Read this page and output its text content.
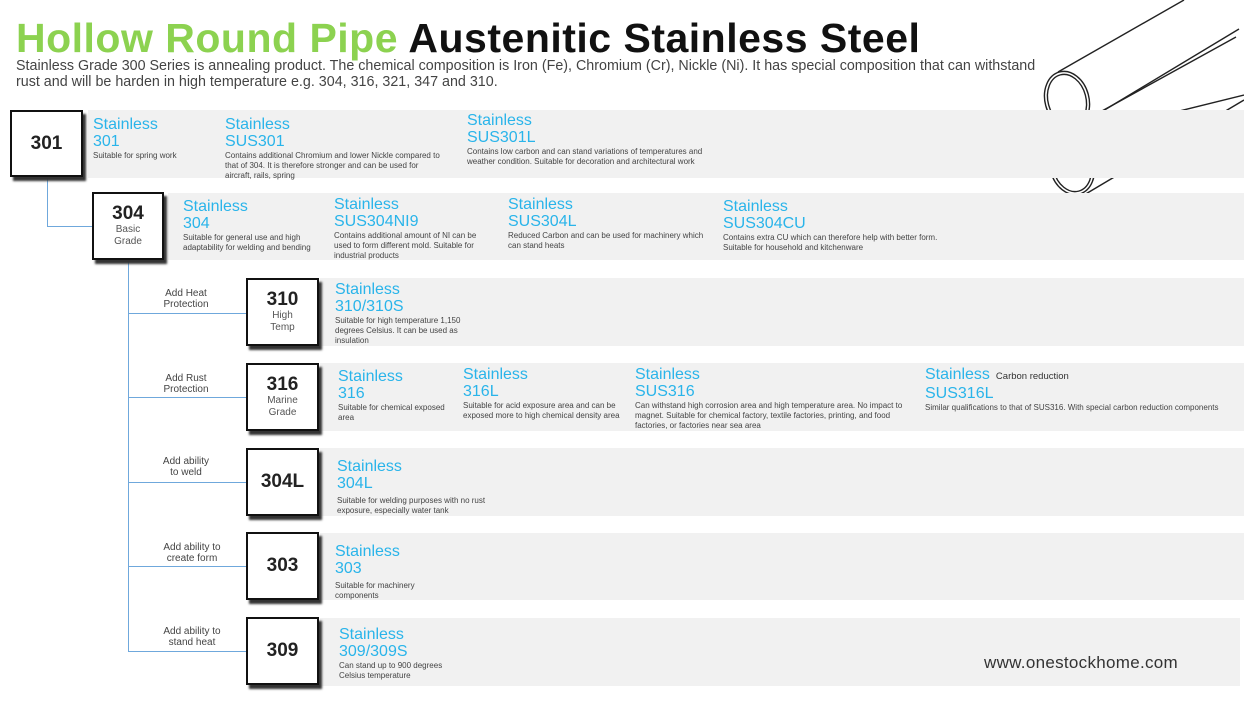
Hollow Round Pipe Austenitic Stainless Steel
Stainless Grade 300 Series is annealing product. The chemical composition is Iron (Fe), Chromium (Cr), Nickle (Ni). It has special composition that can withstand rust and will be harden in high temperature e.g. 304, 316, 321, 347 and 310.
Add Heat
Protection
Add Rust
Protection
Add ability
to weld
Add ability to
create form
Add ability to
stand heat
301
304
Basic Grade
310
High Temp
316
Marine Grade
304L
303
309
Stainless
301
Suitable for spring work
Stainless
SUS301
Contains additional Chromium and lower Nickle compared to that of 304. It is therefore stronger and can be used for aircraft, rails, spring
Stainless
SUS301L
Contains low carbon and can stand variations of temperatures and weather condition. Suitable for decoration and architectural work
Stainless
304
Suitable for general use and high adaptability for welding and bending
Stainless
SUS304NI9
Contains additional amount of NI can be used to form different mold. Suitable for industrial products
Stainless
SUS304L
Reduced Carbon and can be used for machinery which can stand heats
Stainless
SUS304CU
Contains extra CU which can therefore help with better form. Suitable for household and kitchenware
Stainless
310/310S
Suitable for high temperature 1,150 degrees Celsius. It can be used as insulation
Stainless
316
Suitable for chemical exposed area
Stainless
316L
Suitable for acid exposure area and can be exposed more to high chemical density area
Stainless
SUS316
Can withstand high corrosion area and high temperature area. No impact to magnet. Suitable for chemical factory, textile factories, printing, and food factories, or factories near sea area
Stainless Carbon reduction
SUS316L
Similar qualifications to that of SUS316. With special carbon reduction components
Stainless
304L
Suitable for welding purposes with no rust exposure, especially water tank
Stainless
303
Suitable for machinery components
Stainless
309/309S
Can stand up to 900 degrees Celsius temperature
www.onestockhome.com
